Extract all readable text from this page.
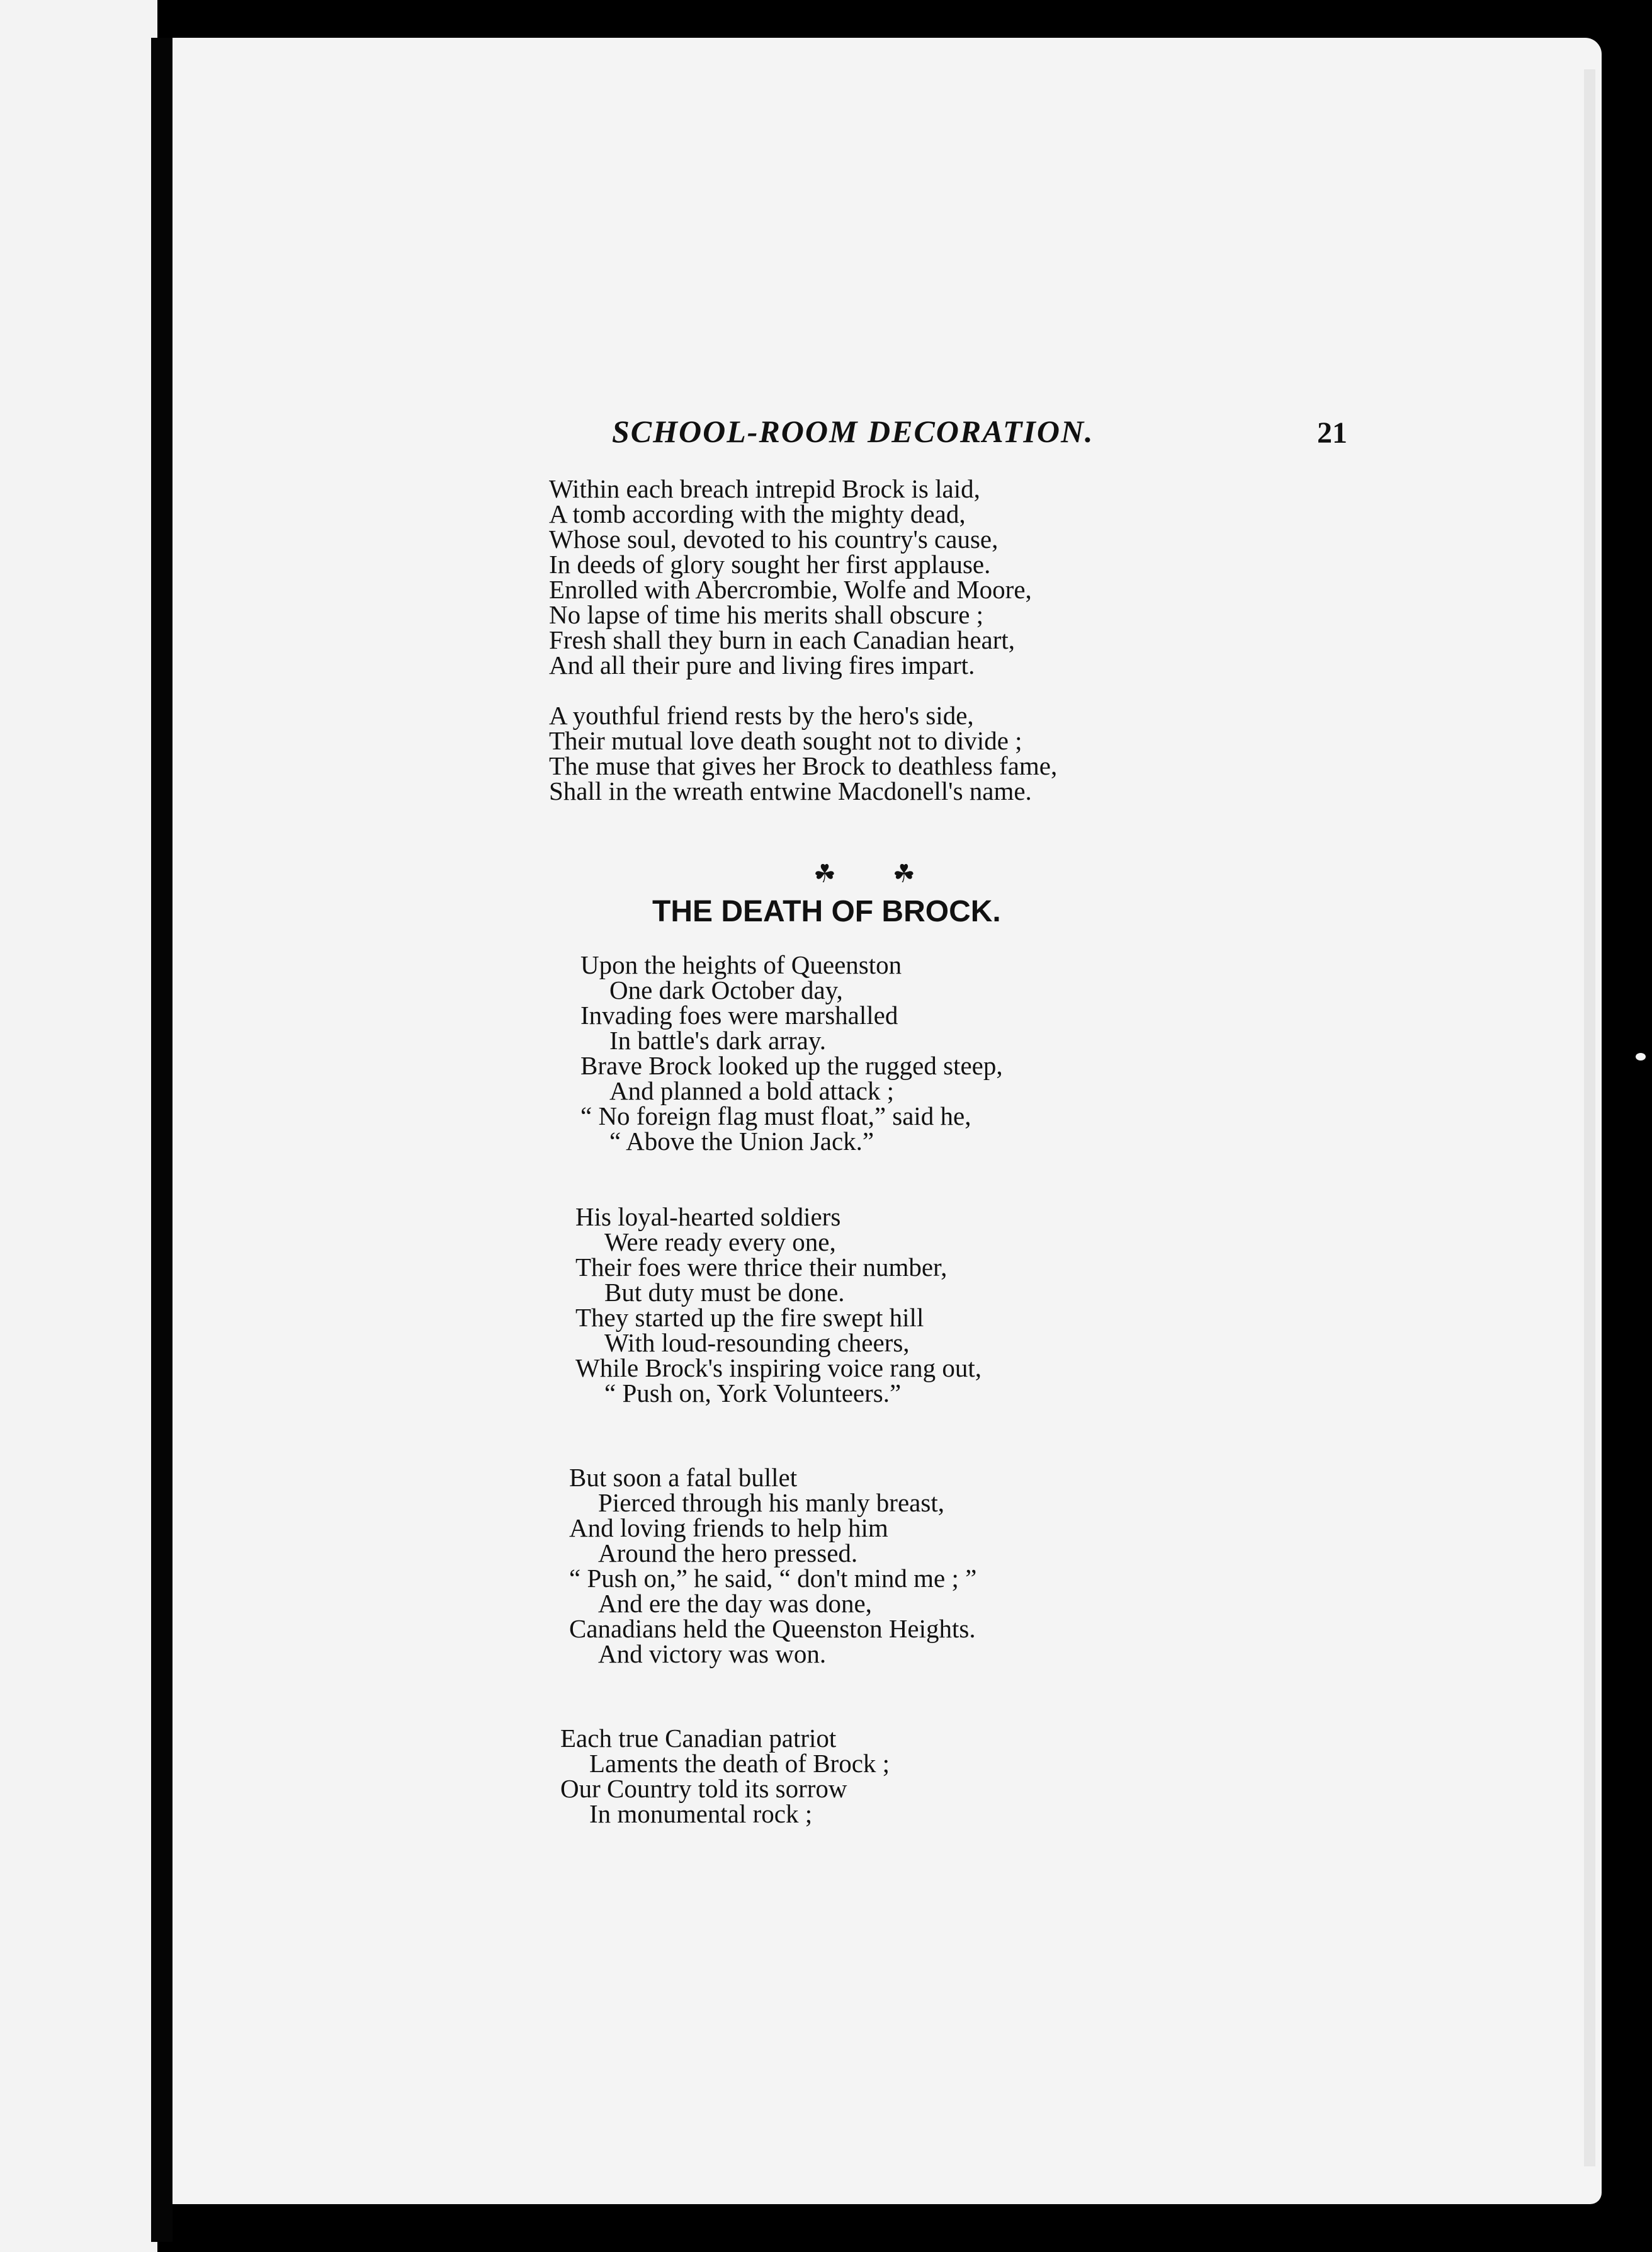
SCHOOL-ROOM DECORATION.	21
Within each breach intrepid Brock is laid,
A tomb according with the mighty dead,
Whose soul, devoted to his country's cause,
In deeds of glory sought her first applause.
Enrolled with Abercrombie, Wolfe and Moore,
No lapse of time his merits shall obscure ;
Fresh shall they burn in each Canadian heart,
And all their pure and living fires impart.
A youthful friend rests by the hero's side,
Their mutual love death sought not to divide ;
The muse that gives her Brock to deathless fame,
Shall in the wreath entwine Macdonell's name.
☘ ☘
THE DEATH OF BROCK.
Upon the heights of Queenston
One dark October day,
Invading foes were marshalled
In battle's dark array.
Brave Brock looked up the rugged steep,
And planned a bold attack ;
“ No foreign flag must float,” said he,
“ Above the Union Jack.”
His loyal-hearted soldiers
Were ready every one,
Their foes were thrice their number,
But duty must be done.
They started up the fire swept hill
With loud-resounding cheers,
While Brock's inspiring voice rang out,
“ Push on, York Volunteers.”
But soon a fatal bullet
Pierced through his manly breast,
And loving friends to help him
Around the hero pressed.
“ Push on,” he said, “ don't mind me ; ”
And ere the day was done,
Canadians held the Queenston Heights.
And victory was won.
Each true Canadian patriot
Laments the death of Brock ;
Our Country told its sorrow
In monumental rock ;
